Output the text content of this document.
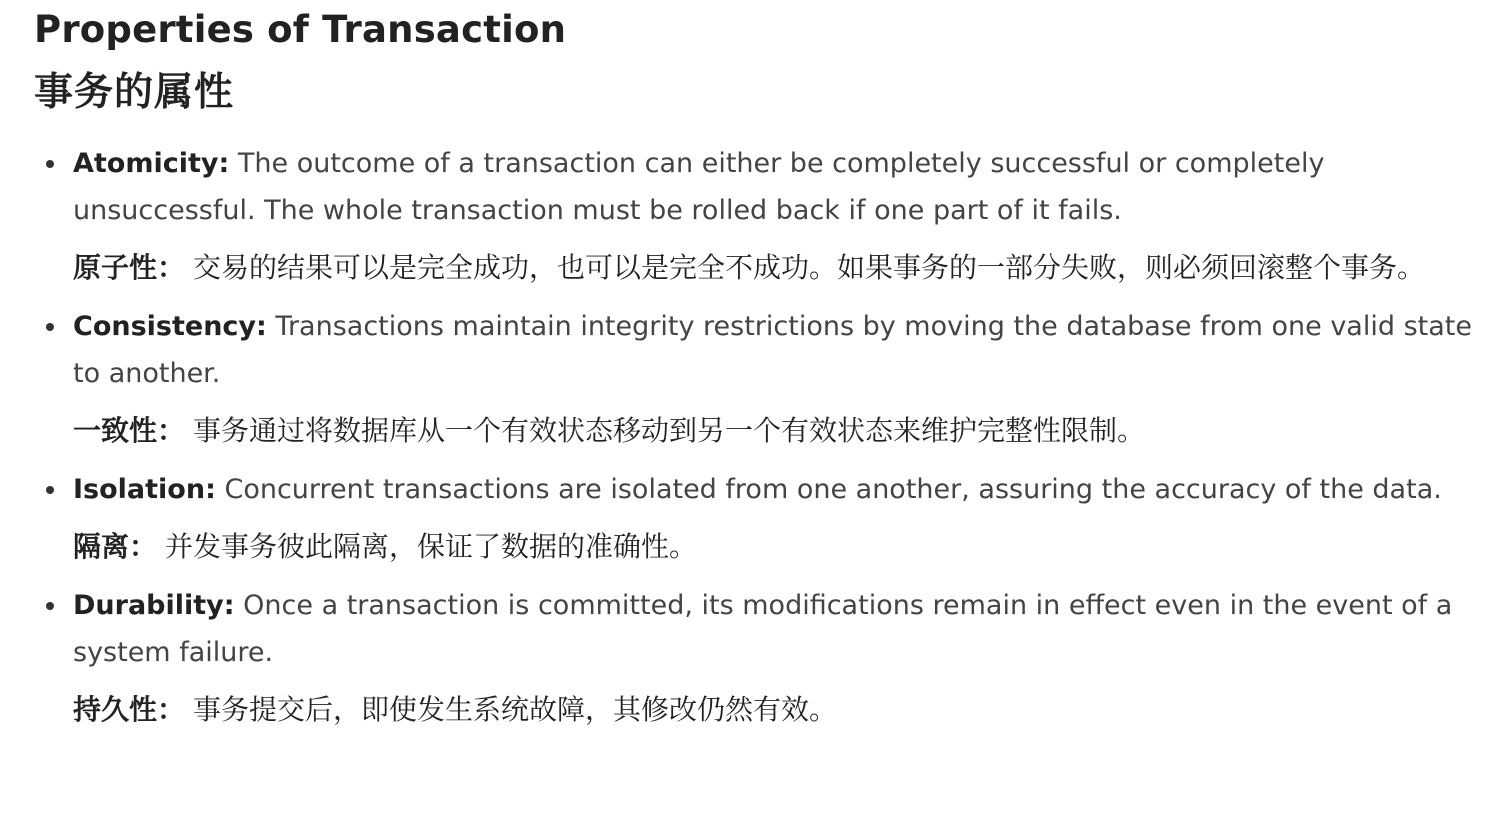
Properties of Transaction
事务的属性

Atomicity: The outcome of a transaction can either be completely successful or completely unsuccessful. The whole transaction must be rolled back if one part of it fails.

原子性： 交易的结果可以是完全成功，也可以是完全不成功。如果事务的一部分失败，则必须回滚整个事务。

Consistency: Transactions maintain integrity restrictions by moving the database from one valid state to another.

一致性： 事务通过将数据库从一个有效状态移动到另一个有效状态来维护完整性限制。

Isolation: Concurrent transactions are isolated from one another, assuring the accuracy of the data.

隔离： 并发事务彼此隔离，保证了数据的准确性。

Durability: Once a transaction is committed, its modifications remain in effect even in the event of a system failure.

持久性： 事务提交后，即使发生系统故障，其修改仍然有效。
